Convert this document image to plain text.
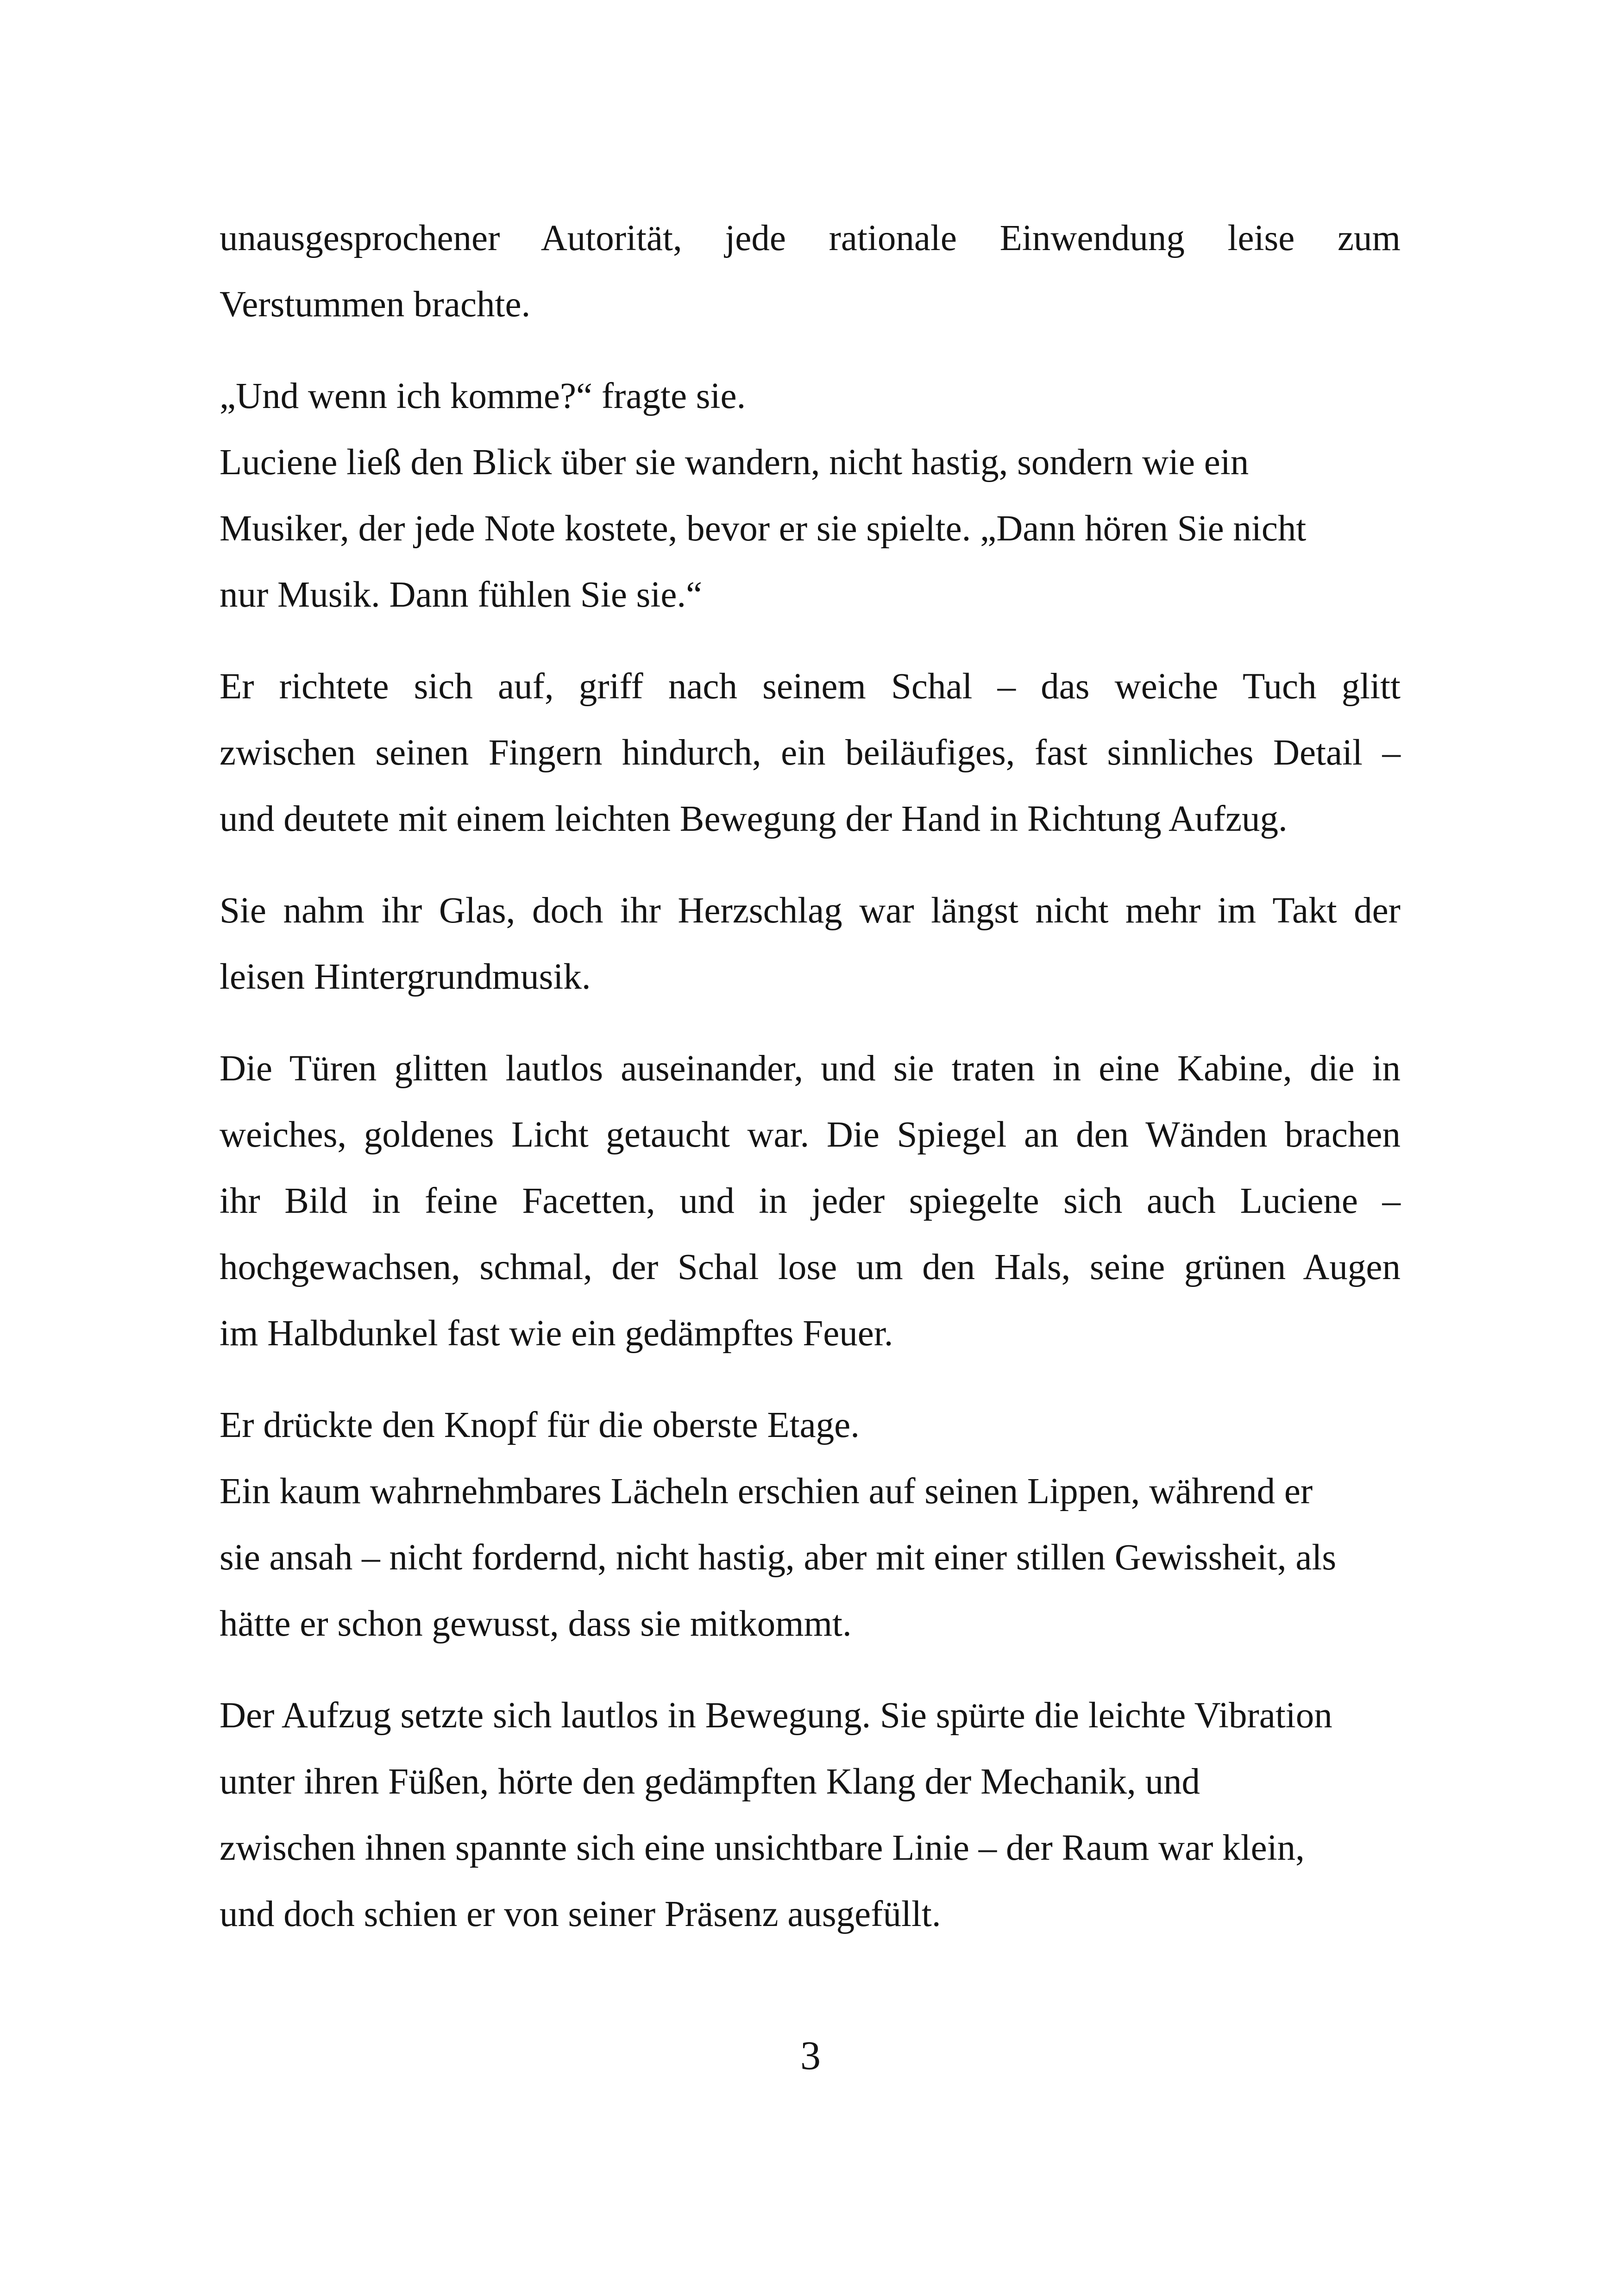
unausgesprochener Autorität, jede rationale Einwendung leise zum
Verstummen brachte.
„Und wenn ich komme?“ fragte sie.
Luciene ließ den Blick über sie wandern, nicht hastig, sondern wie ein
Musiker, der jede Note kostete, bevor er sie spielte. „Dann hören Sie nicht
nur Musik. Dann fühlen Sie sie.“
Er richtete sich auf, griff nach seinem Schal – das weiche Tuch glitt
zwischen seinen Fingern hindurch, ein beiläufiges, fast sinnliches Detail –
und deutete mit einem leichten Bewegung der Hand in Richtung Aufzug.
Sie nahm ihr Glas, doch ihr Herzschlag war längst nicht mehr im Takt der
leisen Hintergrundmusik.
Die Türen glitten lautlos auseinander, und sie traten in eine Kabine, die in
weiches, goldenes Licht getaucht war. Die Spiegel an den Wänden brachen
ihr Bild in feine Facetten, und in jeder spiegelte sich auch Luciene –
hochgewachsen, schmal, der Schal lose um den Hals, seine grünen Augen
im Halbdunkel fast wie ein gedämpftes Feuer.
Er drückte den Knopf für die oberste Etage.
Ein kaum wahrnehmbares Lächeln erschien auf seinen Lippen, während er
sie ansah – nicht fordernd, nicht hastig, aber mit einer stillen Gewissheit, als
hätte er schon gewusst, dass sie mitkommt.
Der Aufzug setzte sich lautlos in Bewegung. Sie spürte die leichte Vibration
unter ihren Füßen, hörte den gedämpften Klang der Mechanik, und
zwischen ihnen spannte sich eine unsichtbare Linie – der Raum war klein,
und doch schien er von seiner Präsenz ausgefüllt.
3
